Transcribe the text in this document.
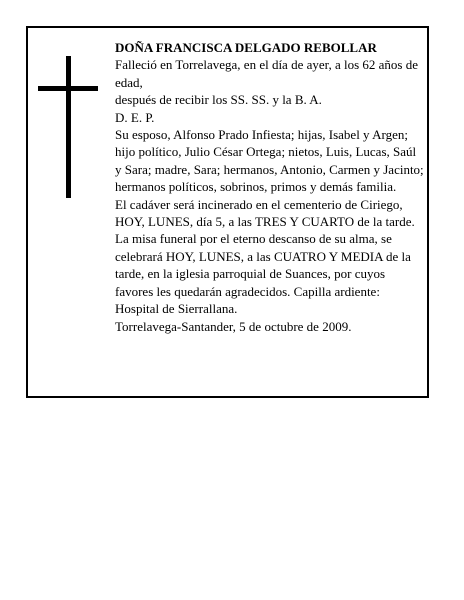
DOÑA FRANCISCA DELGADO REBOLLAR

Falleció en Torrelavega, en el día de ayer, a los 62 años de edad,

después de recibir los SS. SS. y la B. A.

D. E. P.

Su esposo, Alfonso Prado Infiesta; hijas, Isabel y Argen; hijo político, Julio César Ortega; nietos, Luis, Lucas, Saúl y Sara; madre, Sara; hermanos, Antonio, Carmen y Jacinto; hermanos políticos, sobrinos, primos y demás familia.

El cadáver será incinerado en el cementerio de Ciriego, HOY, LUNES, día 5, a las TRES Y CUARTO de la tarde. La misa funeral por el eterno descanso de su alma, se celebrará HOY, LUNES, a las CUATRO Y MEDIA de la tarde, en la iglesia parroquial de Suances, por cuyos favores les quedarán agradecidos. Capilla ardiente: Hospital de Sierrallana.

Torrelavega-Santander, 5 de octubre de 2009.
